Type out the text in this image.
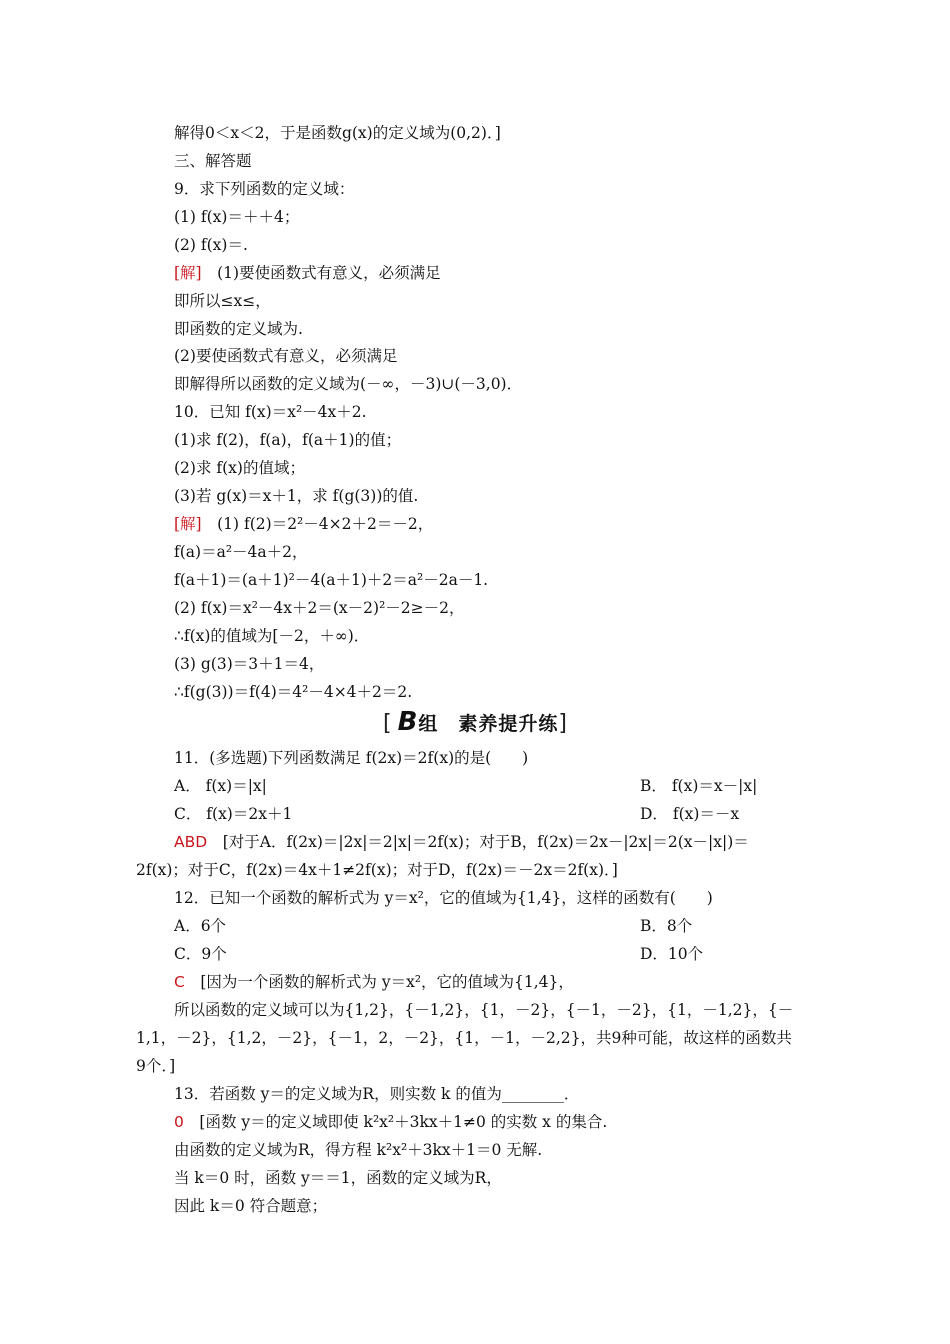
解得0＜x＜2，于是函数g(x)的定义域为(0,2)．]
三、解答题
9．求下列函数的定义域：
(1) f(x)＝＋＋4；
(2) f(x)＝.
[解]　 (1)要使函数式有意义，必须满足
即所以≤x≤，
即函数的定义域为.
(2)要使函数式有意义，必须满足
即解得所以函数的定义域为(－∞，－3)∪(－3,0)．
10．已知 f(x)＝x²－4x＋2.
(1)求 f(2)，f(a)，f(a＋1)的值；
(2)求 f(x)的值域；
(3)若 g(x)＝x＋1，求 f(g(3))的值.
[解]　 (1) f(2)＝2²－4×2＋2＝－2，
f(a)＝a²－4a＋2，
f(a＋1)＝(a＋1)²－4(a＋1)＋2＝a²－2a－1.
(2) f(x)＝x²－4x＋2＝(x－2)²－2≥－2，
∴f(x)的值域为[－2，＋∞)．
(3) g(3)＝3＋1＝4，
∴f(g(3))＝f(4)＝4²－4×4＋2＝2.
[ B 组　素养提升练]
11．(多选题)下列函数满足 f(2x)＝2f(x)的是(　　)
A． f(x)＝|x|	B． f(x)＝x－|x|
C． f(x)＝2x＋1	D． f(x)＝－x
ABD　 [对于A．f(2x)＝|2x|＝2|x|＝2f(x)；对于B，f(2x)＝2x－|2x|＝2(x－|x|)＝
2f(x)；对于C，f(2x)＝4x＋1≠2f(x)；对于D，f(2x)＝－2x＝2f(x)．]
12．已知一个函数的解析式为 y＝x²，它的值域为{1,4}，这样的函数有(　　)
A．6个	B．8个
C．9个	D．10个
C　 [因为一个函数的解析式为 y＝x²，它的值域为{1,4}，
所以函数的定义域可以为{1,2}，{－1,2}，{1，－2}，{－1，－2}，{1，－1,2}，{－
1,1，－2}，{1,2，－2}，{－1，2，－2}，{1，－1，－2,2}，共9种可能，故这样的函数共
9个．]
13．若函数 y＝的定义域为R，则实数 k 的值为________．
0　 [函数 y＝的定义域即使 k²x²＋3kx＋1≠0 的实数 x 的集合.
由函数的定义域为R，得方程 k²x²＋3kx＋1＝0 无解.
当 k＝0 时，函数 y＝＝1，函数的定义域为R，
因此 k＝0 符合题意；
